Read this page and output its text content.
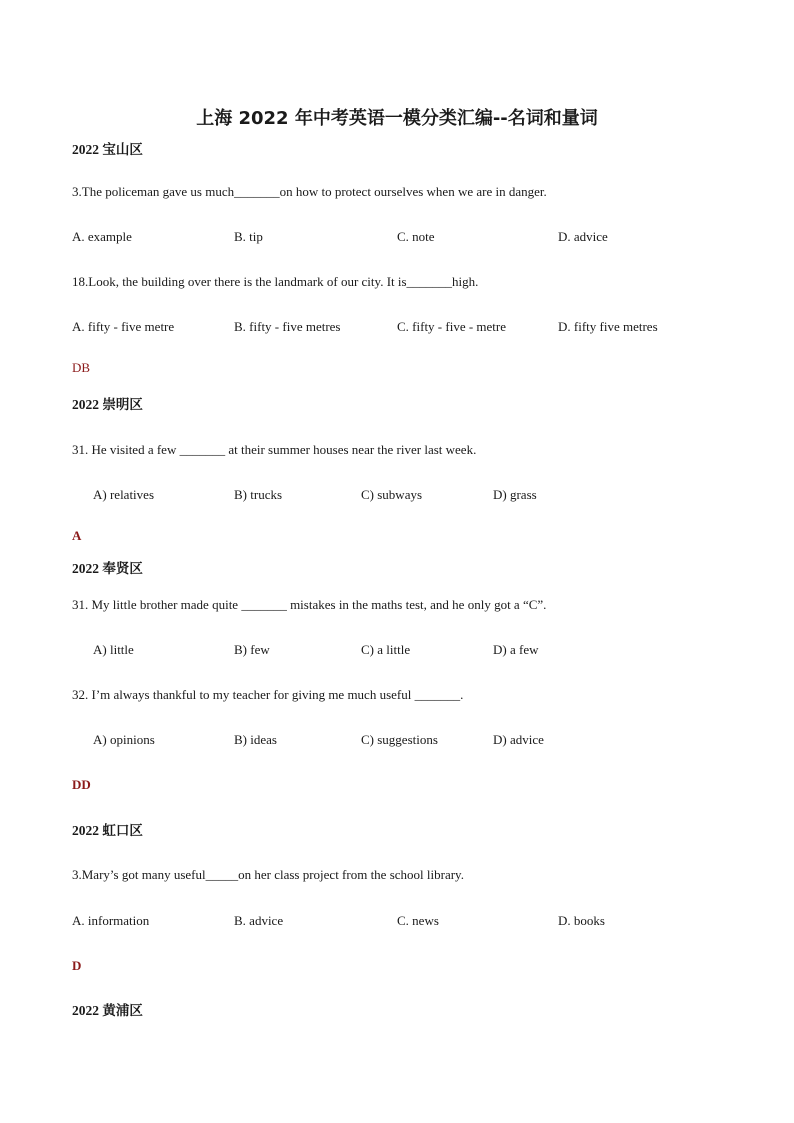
上海 2022 年中考英语一模分类汇编--名词和量词
2022 宝山区
3.The policeman gave us much_______on how to protect ourselves when we are in danger.
A. example	B. tip	C. note	D. advice
18.Look, the building over there is the landmark of our city. It is_______high.
A. fifty - five metre	B. fifty - five metres	C. fifty - five - metre	D. fifty five metres
DB
2022 崇明区
31. He visited a few _______ at their summer houses near the river last week.
A) relatives	B) trucks	C) subways	D) grass
A
2022 奉贤区
31. My little brother made quite _______ mistakes in the maths test, and he only got a “C”.
A) little	B) few	C) a little	D) a few
32. I’m always thankful to my teacher for giving me much useful _______.
A) opinions	B) ideas	C) suggestions	D) advice
DD
2022 虹口区
3.Mary’s got many useful_____on her class project from the school library.
A. information	B. advice	C. news	D. books
D
2022 黄浦区
